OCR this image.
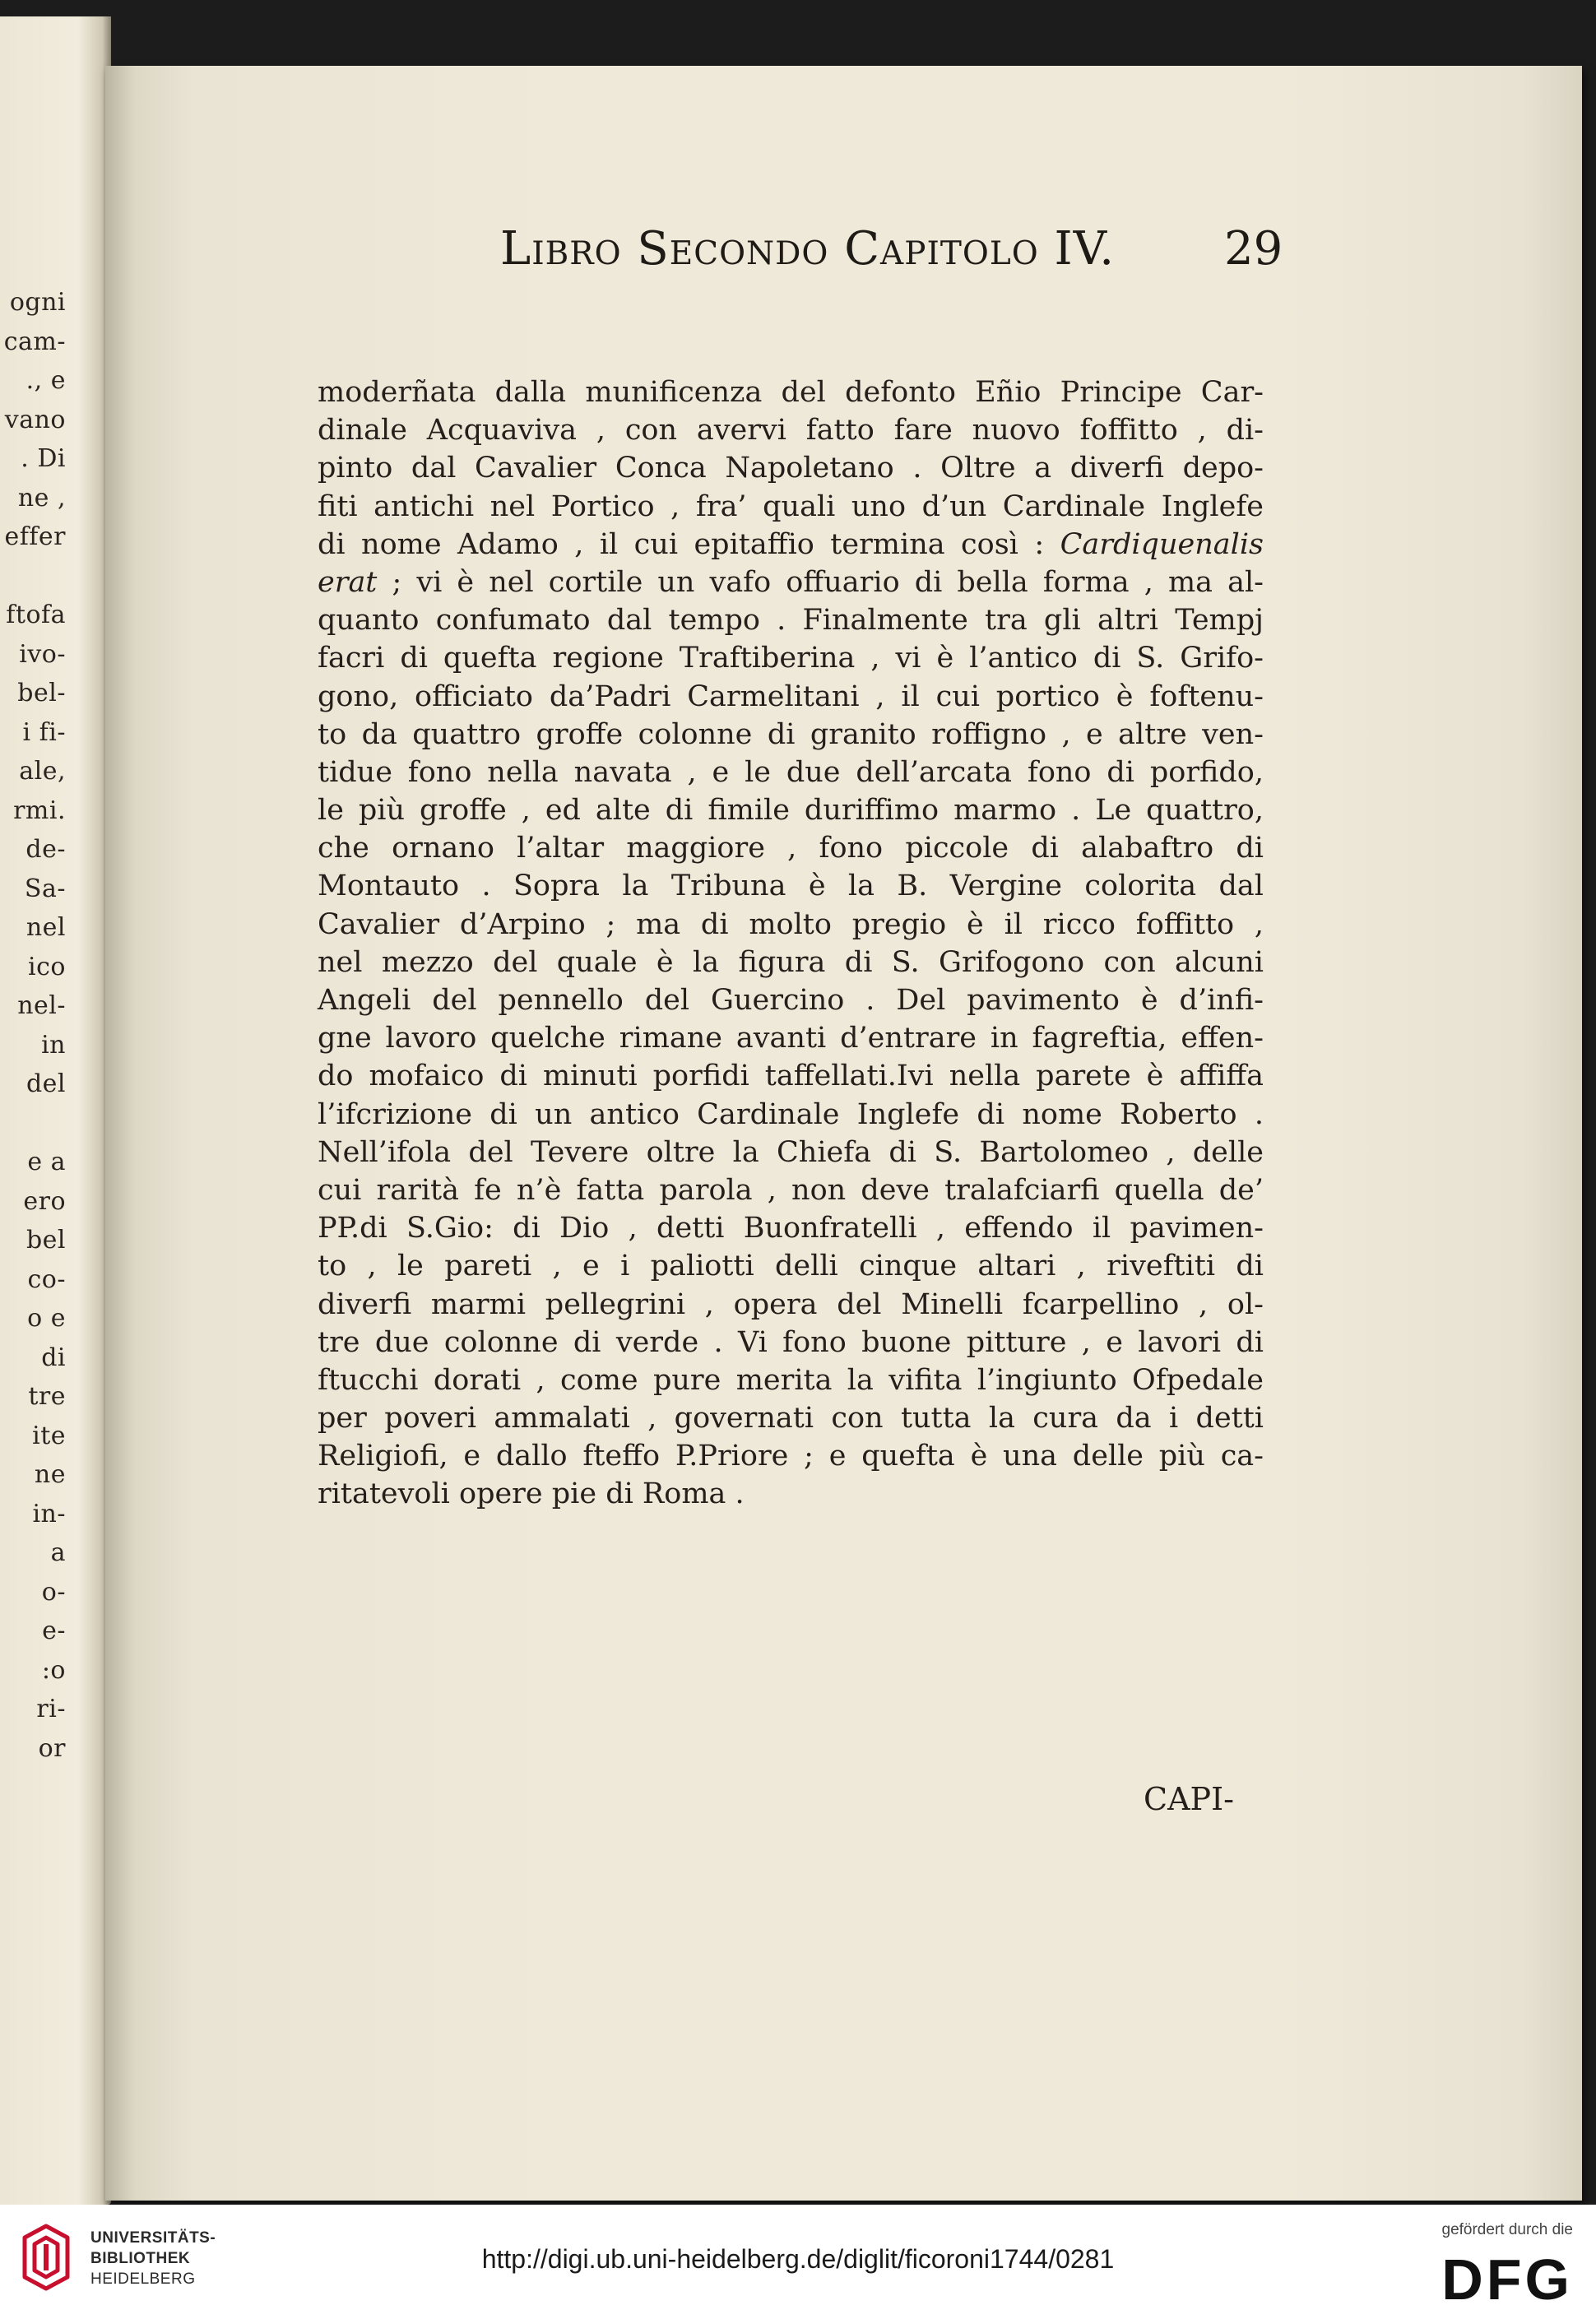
ogni
cam-
., e
vano
. Di
ne ,
effer
ftofa
ivo-
bel-
i fi-
ale,
rmi.
de-
Sa-
nel
ico
nel-
in
del
e a
ero
bel
co-
o e
di
tre
ite
ne
in-
a
o-
e-
:o
ri-
or
Libro Secondo Capitolo IV. 29
moderñata dalla munificenza del defonto Eñio Principe Car-
dinale Acquaviva , con avervi fatto fare nuovo foffitto , di-
pinto dal Cavalier Conca Napoletano . Oltre a diverfi depo-
fiti antichi nel Portico , fra’ quali uno d’un Cardinale Inglefe
di nome Adamo , il cui epitaffio termina così : Cardiquenalis
erat ; vi è nel cortile un vafo offuario di bella forma , ma al-
quanto confumato dal tempo . Finalmente tra gli altri Tempj
facri di quefta regione Traftiberina , vi è l’antico di S. Grifo-
gono, officiato da’Padri Carmelitani , il cui portico è foftenu-
to da quattro groffe colonne di granito roffigno , e altre ven-
tidue fono nella navata , e le due dell’arcata fono di porfido,
le più groffe , ed alte di fimile duriffimo marmo . Le quattro,
che ornano l’altar maggiore , fono piccole di alabaftro di
Montauto . Sopra la Tribuna è la B. Vergine colorita dal
Cavalier d’Arpino ; ma di molto pregio è il ricco foffitto ,
nel mezzo del quale è la figura di S. Grifogono con alcuni
Angeli del pennello del Guercino . Del pavimento è d’infi-
gne lavoro quelche rimane avanti d’entrare in fagreftia, effen-
do mofaico di minuti porfidi taffellati.Ivi nella parete è affiffa
l’ifcrizione di un antico Cardinale Inglefe di nome Roberto .
Nell’ifola del Tevere oltre la Chiefa di S. Bartolomeo , delle
cui rarità fe n’è fatta parola , non deve tralafciarfi quella de’
PP.di S.Gio: di Dio , detti Buonfratelli , effendo il pavimen-
to , le pareti , e i paliotti delli cinque altari , riveftiti di
diverfi marmi pellegrini , opera del Minelli fcarpellino , ol-
tre due colonne di verde . Vi fono buone pitture , e lavori di
ftucchi dorati , come pure merita la vifita l’ingiunto Ofpedale
per poveri ammalati , governati con tutta la cura da i detti
Religiofi, e dallo fteffo P.Priore ; e quefta è una delle più ca-
ritatevoli opere pie di Roma .
CAPI-
UNIVERSITÄTS-
BIBLIOTHEK
HEIDELBERG
http://digi.ub.uni-heidelberg.de/diglit/ficoroni1744/0281
gefördert durch die
DFG
